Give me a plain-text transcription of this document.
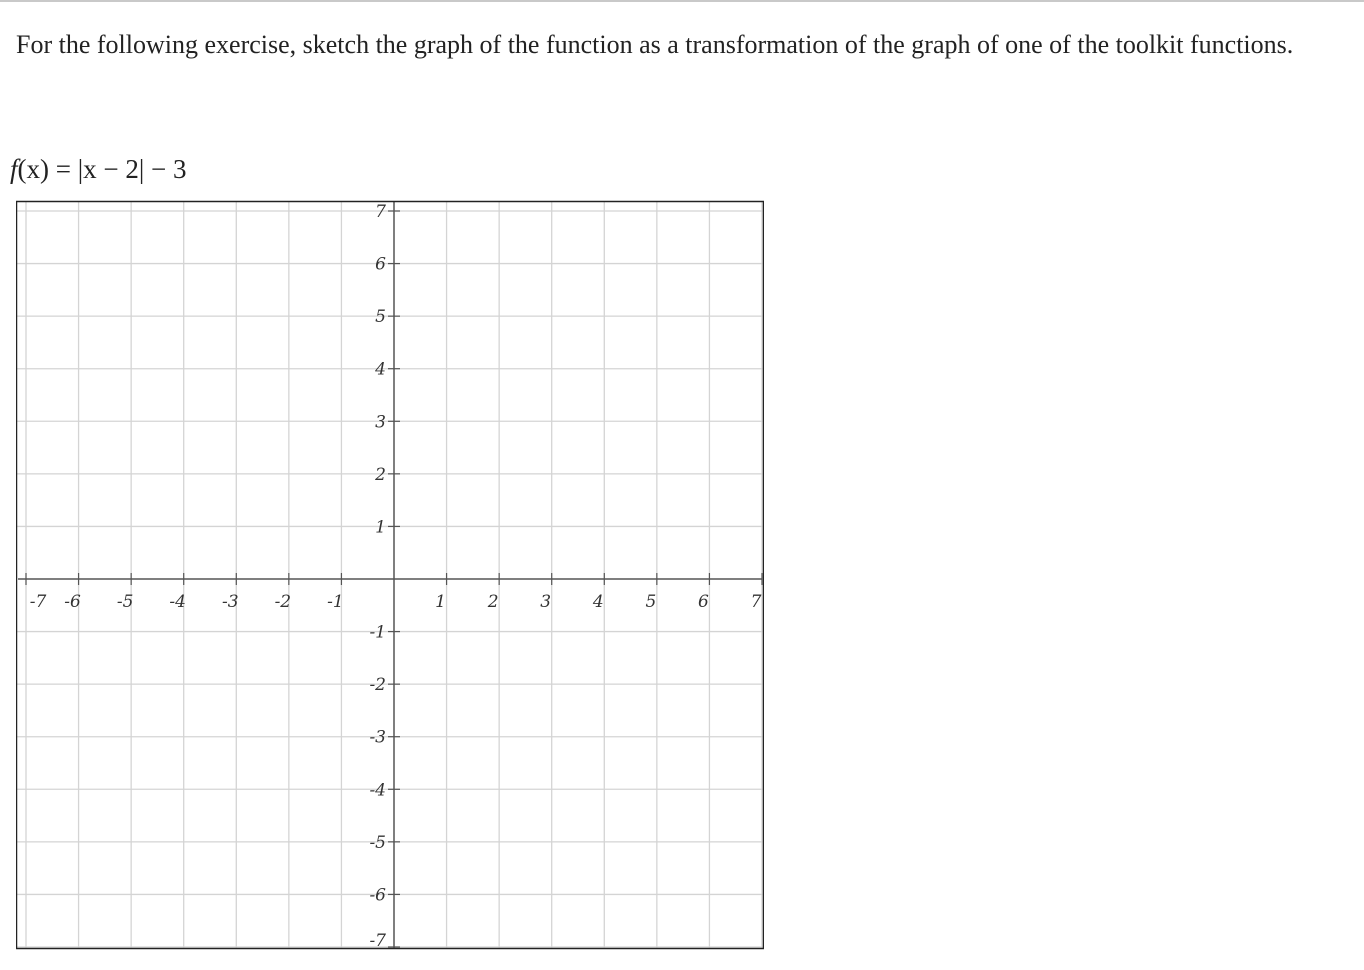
For the following exercise, sketch the graph of the function as a transformation of the graph of one of the toolkit functions.
f(x) = |x − 2| − 3
-7 -6 -5 -4 -3 -2 -1	1 2 3 4 5 6 7
7
6
5
4
3
2
1
-1
-2
-3
-4
-5
-6
-7
